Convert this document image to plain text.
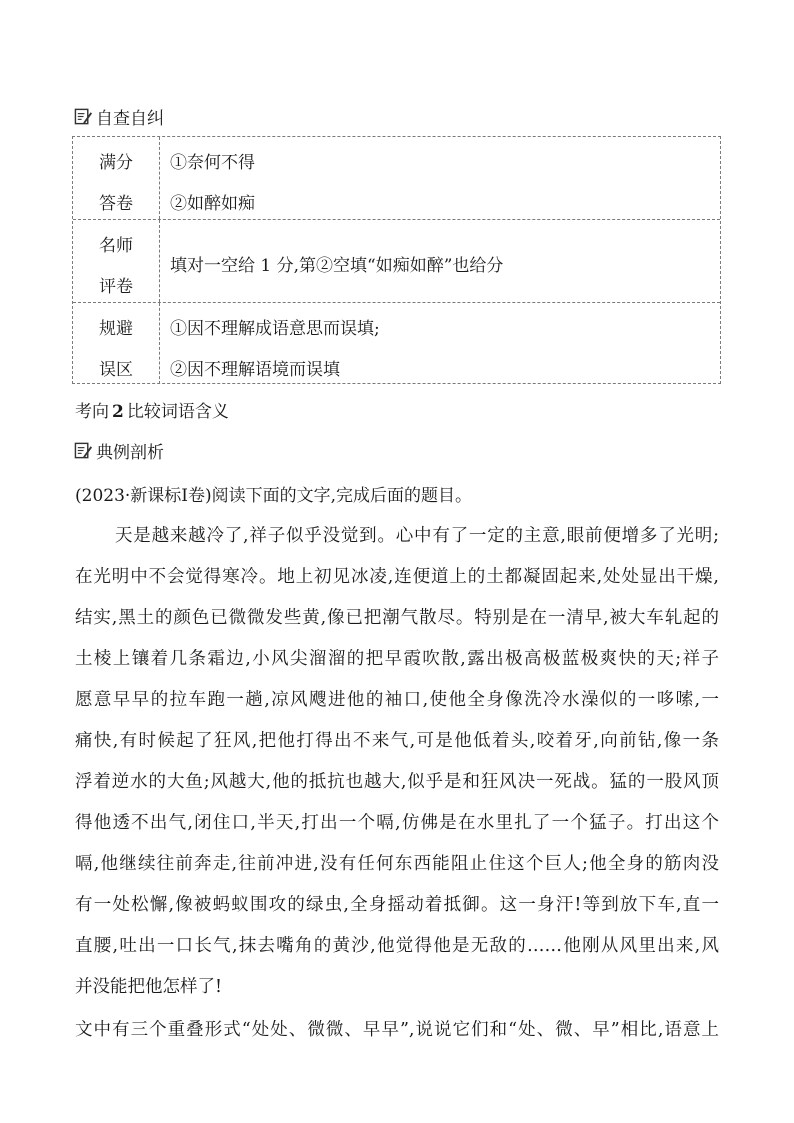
自查自纠
满分
答卷
①奈何不得
②如醉如痴
名师
评卷
填对一空给 1 分,第②空填“如痴如醉”也给分
规避
误区
①因不理解成语意思而误填;
②因不理解语境而误填
考向 2 比较词语含义
典例剖析
(2023·新课标Ⅰ卷)阅读下面的文字,完成后面的题目。
天是越来越冷了,祥子似乎没觉到。心中有了一定的主意,眼前便增多了光明;
在光明中不会觉得寒冷。地上初见冰凌,连便道上的土都凝固起来,处处显出干燥,
结实,黑土的颜色已微微发些黄,像已把潮气散尽。特别是在一清早,被大车轧起的
土棱上镶着几条霜边,小风尖溜溜的把早霞吹散,露出极高极蓝极爽快的天;祥子
愿意早早的拉车跑一趟,凉风飕进他的袖口,使他全身像洗冷水澡似的一哆嗦,一
痛快,有时候起了狂风,把他打得出不来气,可是他低着头,咬着牙,向前钻,像一条
浮着逆水的大鱼;风越大,他的抵抗也越大,似乎是和狂风决一死战。猛的一股风顶
得他透不出气,闭住口,半天,打出一个嗝,仿佛是在水里扎了一个猛子。打出这个
嗝,他继续往前奔走,往前冲进,没有任何东西能阻止住这个巨人;他全身的筋肉没
有一处松懈,像被蚂蚁围攻的绿虫,全身摇动着抵御。这一身汗!等到放下车,直一
直腰,吐出一口长气,抹去嘴角的黄沙,他觉得他是无敌的……他刚从风里出来,风
并没能把他怎样了!
文中有三个重叠形式“处处、微微、早早”,说说它们和“处、微、早”相比,语意上
